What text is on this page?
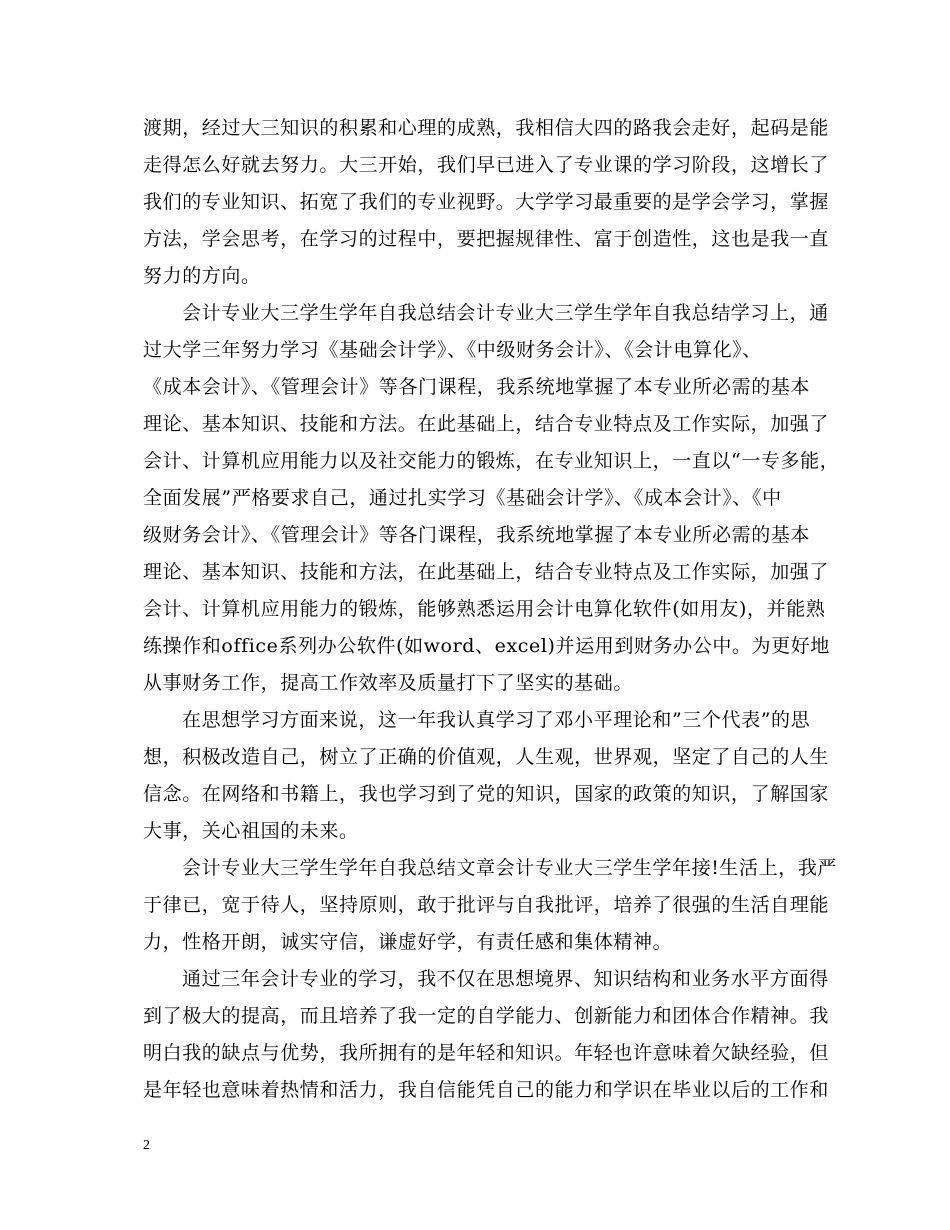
渡期，经过大三知识的积累和心理的成熟，我相信大四的路我会走好，起码是能
走得怎么好就去努力。大三开始，我们早已进入了专业课的学习阶段，这增长了
我们的专业知识、拓宽了我们的专业视野。大学学习最重要的是学会学习，掌握
方法，学会思考，在学习的过程中，要把握规律性、富于创造性，这也是我一直
努力的方向。
会计专业大三学生学年自我总结会计专业大三学生学年自我总结学习上，通
过大学三年努力学习《基础会计学》、《中级财务会计》、《会计电算化》、
《成本会计》、《管理会计》等各门课程，我系统地掌握了本专业所必需的基本
理论、基本知识、技能和方法。在此基础上，结合专业特点及工作实际，加强了
会计、计算机应用能力以及社交能力的锻炼，在专业知识上，一直以“一专多能，
全面发展”严格要求自己，通过扎实学习《基础会计学》、《成本会计》、《中
级财务会计》、《管理会计》等各门课程，我系统地掌握了本专业所必需的基本
理论、基本知识、技能和方法，在此基础上，结合专业特点及工作实际，加强了
会计、计算机应用能力的锻炼，能够熟悉运用会计电算化软件(如用友)，并能熟
练操作和office系列办公软件(如word、excel)并运用到财务办公中。为更好地
从事财务工作，提高工作效率及质量打下了坚实的基础。
在思想学习方面来说，这一年我认真学习了邓小平理论和”三个代表”的思
想，积极改造自己，树立了正确的价值观，人生观，世界观，坚定了自己的人生
信念。在网络和书籍上，我也学习到了党的知识，国家的政策的知识，了解国家
大事，关心祖国的未来。
会计专业大三学生学年自我总结文章会计专业大三学生学年接!生活上，我严
于律已，宽于待人，坚持原则，敢于批评与自我批评，培养了很强的生活自理能
力，性格开朗，诚实守信，谦虚好学，有责任感和集体精神。
通过三年会计专业的学习，我不仅在思想境界、知识结构和业务水平方面得
到了极大的提高，而且培养了我一定的自学能力、创新能力和团体合作精神。我
明白我的缺点与优势，我所拥有的是年轻和知识。年轻也许意味着欠缺经验，但
是年轻也意味着热情和活力，我自信能凭自己的能力和学识在毕业以后的工作和
2
